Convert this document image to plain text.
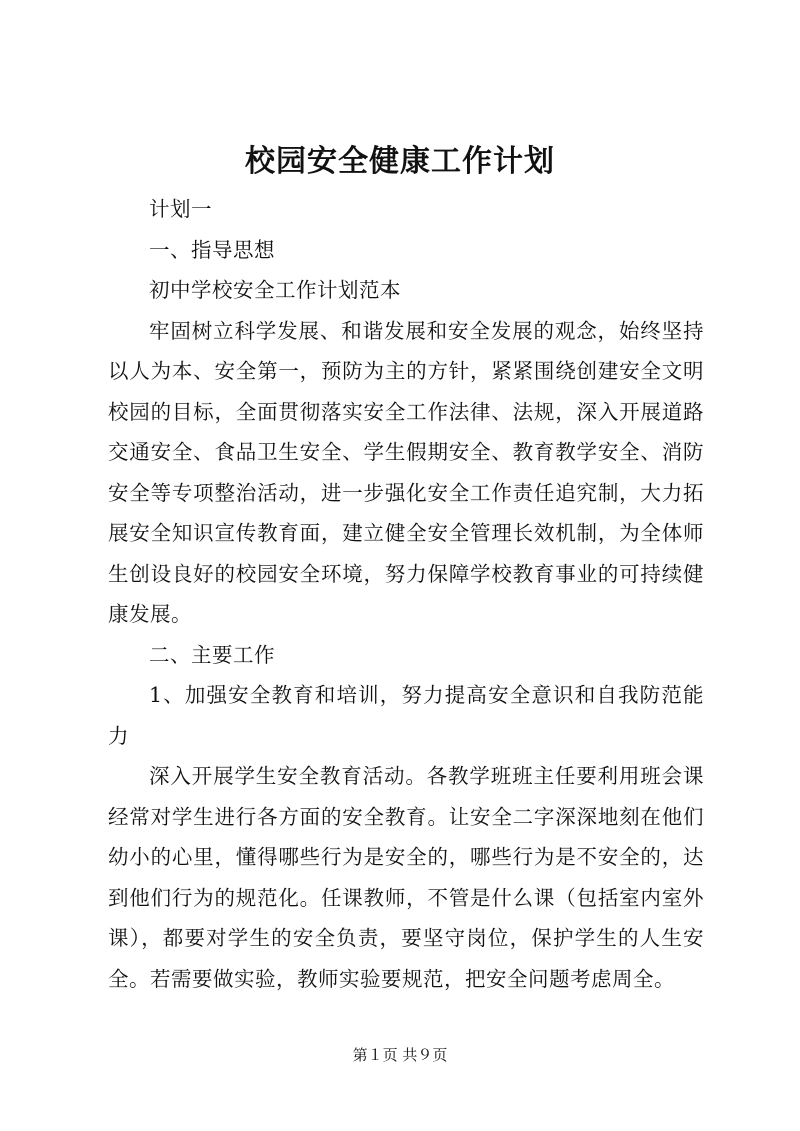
校园安全健康工作计划

计划一

一、指导思想

初中学校安全工作计划范本

牢固树立科学发展、和谐发展和安全发展的观念，始终坚持以人为本、安全第一，预防为主的方针，紧紧围绕创建安全文明校园的目标，全面贯彻落实安全工作法律、法规，深入开展道路交通安全、食品卫生安全、学生假期安全、教育教学安全、消防安全等专项整治活动，进一步强化安全工作责任追究制，大力拓展安全知识宣传教育面，建立健全安全管理长效机制，为全体师生创设良好的校园安全环境，努力保障学校教育事业的可持续健康发展。

二、主要工作

1、加强安全教育和培训，努力提高安全意识和自我防范能力

深入开展学生安全教育活动。各教学班班主任要利用班会课经常对学生进行各方面的安全教育。让安全二字深深地刻在他们幼小的心里，懂得哪些行为是安全的，哪些行为是不安全的，达到他们行为的规范化。任课教师，不管是什么课（包括室内室外课），都要对学生的安全负责，要坚守岗位，保护学生的人生安全。若需要做实验，教师实验要规范，把安全问题考虑周全。

第１页 共９页
